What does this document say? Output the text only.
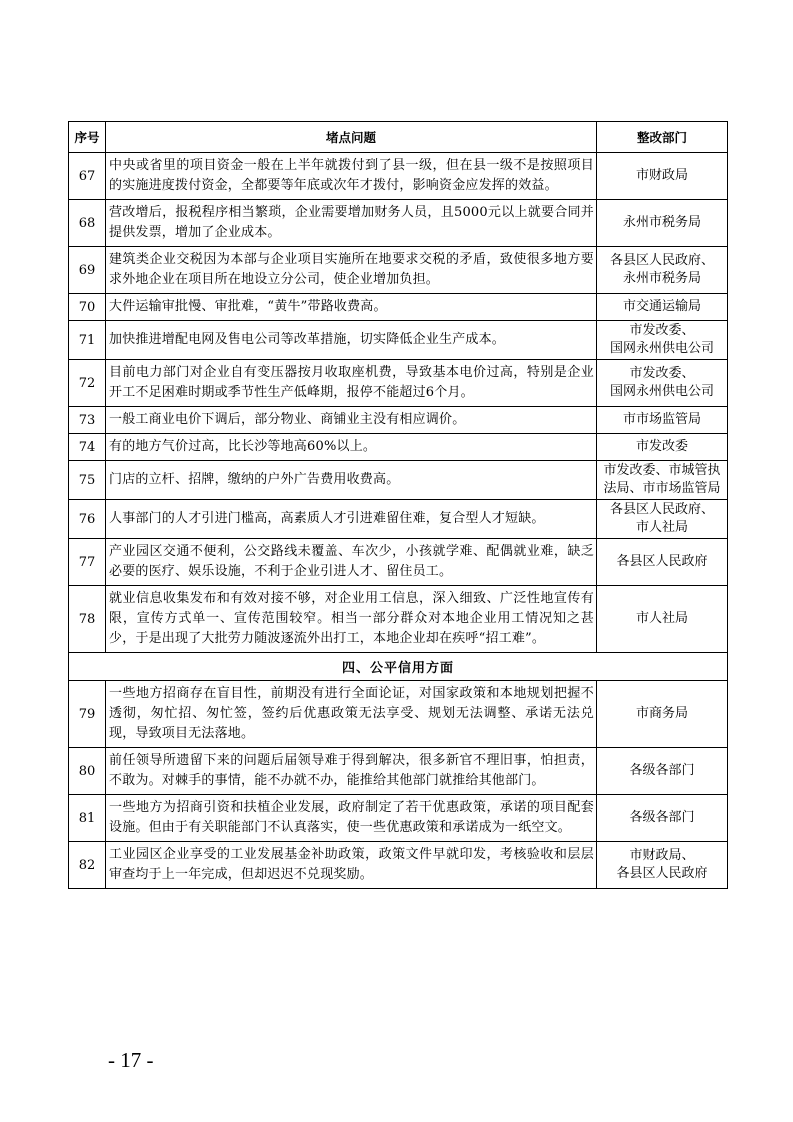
序号	堵点问题	整改部门
67	中央或省里的项目资金一般在上半年就拨付到了县一级，但在县一级不是按照项目的实施进度拨付资金，全都要等年底或次年才拨付，影响资金应发挥的效益。	市财政局

68	营改增后，报税程序相当繁琐，企业需要增加财务人员，且5000元以上就要合同并提供发票，增加了企业成本。	永州市税务局

69	建筑类企业交税因为本部与企业项目实施所在地要求交税的矛盾，致使很多地方要求外地企业在项目所在地设立分公司，使企业增加负担。	各县区人民政府、
永州市税务局

70	大件运输审批慢、审批难，“黄牛”带路收费高。	市交通运输局

71	加快推进增配电网及售电公司等改革措施，切实降低企业生产成本。	市发改委、
国网永州供电公司

72	目前电力部门对企业自有变压器按月收取座机费，导致基本电价过高，特别是企业开工不足困难时期或季节性生产低峰期，报停不能超过6个月。	市发改委、
国网永州供电公司

73	一般工商业电价下调后，部分物业、商铺业主没有相应调价。	市市场监管局

74	有的地方气价过高，比长沙等地高60%以上。	市发改委

75	门店的立杆、招牌，缴纳的户外广告费用收费高。	市发改委、市城管执
法局、市市场监管局

76	人事部门的人才引进门槛高，高素质人才引进难留住难，复合型人才短缺。	各县区人民政府、
市人社局

77	产业园区交通不便利，公交路线未覆盖、车次少，小孩就学难、配偶就业难，缺乏必要的医疗、娱乐设施，不利于企业引进人才、留住员工。	各县区人民政府

78	就业信息收集发布和有效对接不够，对企业用工信息，深入细致、广泛性地宣传有限，宣传方式单一、宣传范围较窄。相当一部分群众对本地企业用工情况知之甚少，于是出现了大批劳力随波逐流外出打工，本地企业却在疾呼“招工难”。	市人社局

四、公平信用方面		
79	一些地方招商存在盲目性，前期没有进行全面论证，对国家政策和本地规划把握不透彻，匆忙招、匆忙签，签约后优惠政策无法享受、规划无法调整、承诺无法兑现，导致项目无法落地。	市商务局

80	前任领导所遗留下来的问题后届领导难于得到解决，很多新官不理旧事，怕担责，不敢为。对棘手的事情，能不办就不办，能推给其他部门就推给其他部门。	各级各部门

81	一些地方为招商引资和扶植企业发展，政府制定了若干优惠政策，承诺的项目配套设施。但由于有关职能部门不认真落实，使一些优惠政策和承诺成为一纸空文。	各级各部门

82	工业园区企业享受的工业发展基金补助政策，政策文件早就印发，考核验收和层层审查均于上一年完成，但却迟迟不兑现奖励。	市财政局、
各县区人民政府
- 17 -
